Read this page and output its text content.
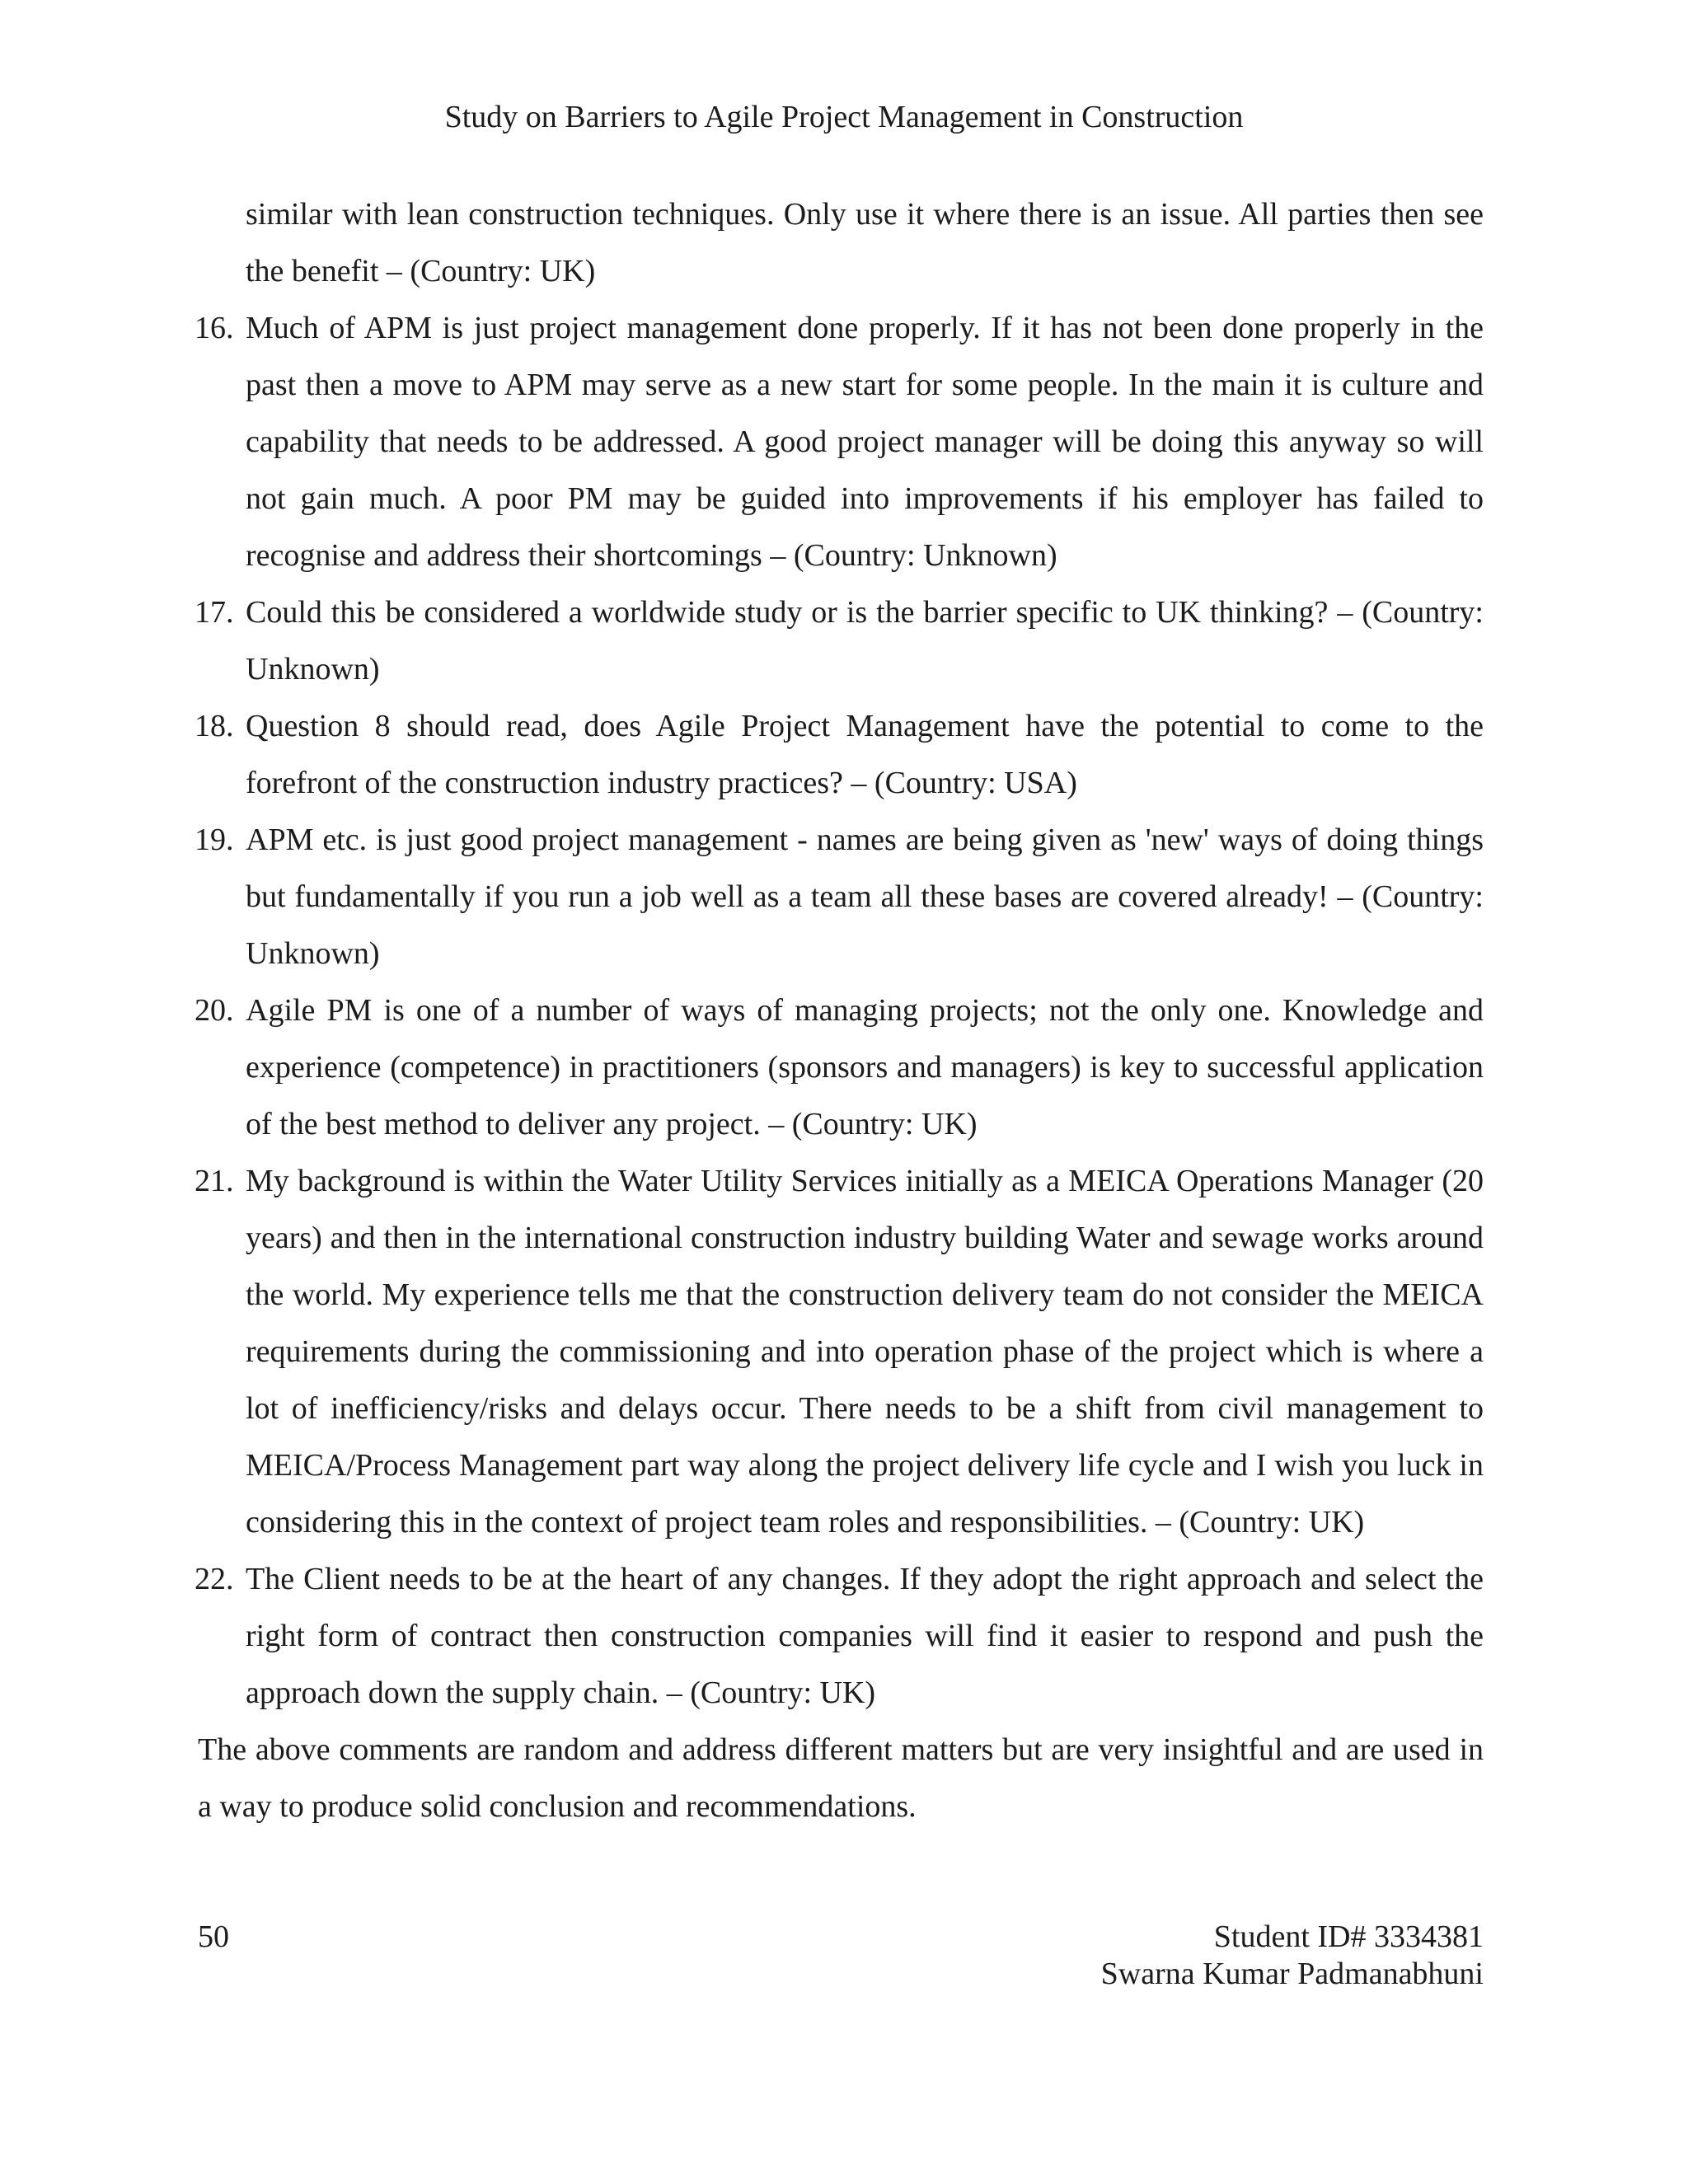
Study on Barriers to Agile Project Management in Construction

similar with lean construction techniques. Only use it where there is an issue. All parties then see the benefit – (Country: UK)

16. Much of APM is just project management done properly. If it has not been done properly in the past then a move to APM may serve as a new start for some people. In the main it is culture and capability that needs to be addressed. A good project manager will be doing this anyway so will not gain much. A poor PM may be guided into improvements if his employer has failed to recognise and address their shortcomings – (Country: Unknown)
17. Could this be considered a worldwide study or is the barrier specific to UK thinking? – (Country: Unknown)
18. Question 8 should read, does Agile Project Management have the potential to come to the forefront of the construction industry practices? – (Country: USA)
19. APM etc. is just good project management - names are being given as 'new' ways of doing things but fundamentally if you run a job well as a team all these bases are covered already! – (Country: Unknown)
20. Agile PM is one of a number of ways of managing projects; not the only one. Knowledge and experience (competence) in practitioners (sponsors and managers) is key to successful application of the best method to deliver any project. – (Country: UK)
21. My background is within the Water Utility Services initially as a MEICA Operations Manager (20 years) and then in the international construction industry building Water and sewage works around the world. My experience tells me that the construction delivery team do not consider the MEICA requirements during the commissioning and into operation phase of the project which is where a lot of inefficiency/risks and delays occur. There needs to be a shift from civil management to MEICA/Process Management part way along the project delivery life cycle and I wish you luck in considering this in the context of project team roles and responsibilities. – (Country: UK)
22. The Client needs to be at the heart of any changes. If they adopt the right approach and select the right form of contract then construction companies will find it easier to respond and push the approach down the supply chain. – (Country: UK)

The above comments are random and address different matters but are very insightful and are used in a way to produce solid conclusion and recommendations.

50	Student ID# 3334381
Swarna Kumar Padmanabhuni
